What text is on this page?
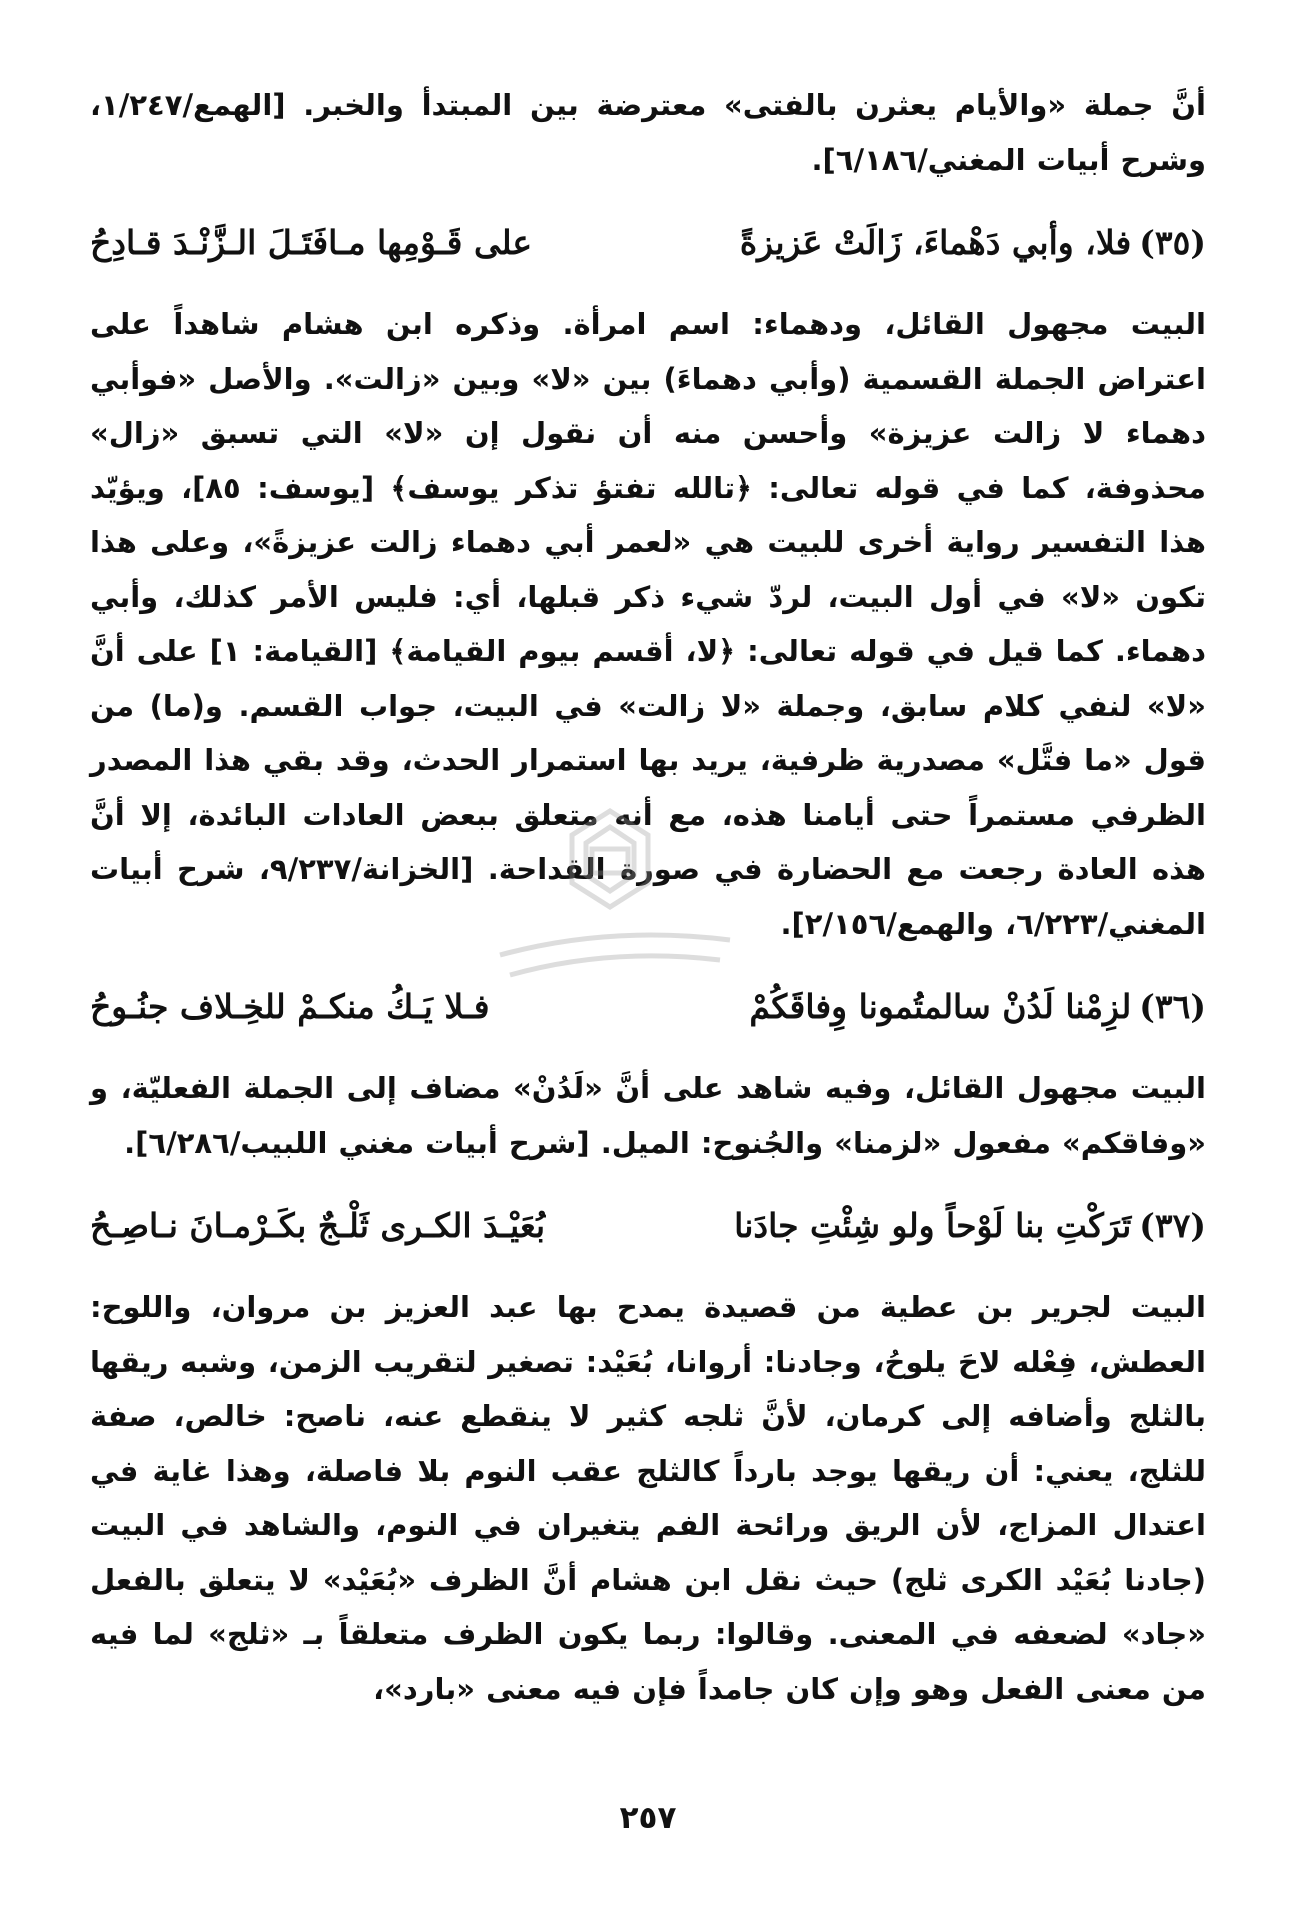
أنَّ جملة «والأيام يعثرن بالفتى» معترضة بين المبتدأ والخبر. [الهمع/١/٢٤٧، وشرح أبيات المغني/٦/١٨٦].

(٣٥)فلا، وأبي دَهْماءَ، زَالَتْ عَزيزةً
على قَـوْمِها مـافَتَـلَ الـزَّنْـدَ قـادِحُ

البيت مجهول القائل، ودهماء: اسم امرأة. وذكره ابن هشام شاهداً على اعتراض الجملة القسمية (وأبي دهماءَ) بين «لا» وبين «زالت». والأصل «فوأبي دهماء لا زالت عزيزة» وأحسن منه أن نقول إن «لا» التي تسبق «زال» محذوفة، كما في قوله تعالى: ﴿تالله تفتؤ تذكر يوسف﴾ [يوسف: ٨٥]، ويؤيّد هذا التفسير رواية أخرى للبيت هي «لعمر أبي دهماء زالت عزيزةً»، وعلى هذا تكون «لا» في أول البيت، لردّ شيء ذكر قبلها، أي: فليس الأمر كذلك، وأبي دهماء. كما قيل في قوله تعالى: ﴿لا، أقسم بيوم القيامة﴾ [القيامة: ١] على أنَّ «لا» لنفي كلام سابق، وجملة «لا زالت» في البيت، جواب القسم. و(ما) من قول «ما فتَّل» مصدرية ظرفية، يريد بها استمرار الحدث، وقد بقي هذا المصدر الظرفي مستمراً حتى أيامنا هذه، مع أنه متعلق ببعض العادات البائدة، إلا أنَّ هذه العادة رجعت مع الحضارة في صورة القداحة. [الخزانة/٩/٢٣٧، شرح أبيات المغني/٦/٢٢٣، والهمع/٢/١٥٦].

(٣٦)لزِمْنا لَدُنْ سالمتُمونا وِفاقَكُمْ
فـلا يَـكُ منكـمْ للخِـلاف جنُـوحُ

البيت مجهول القائل، وفيه شاهد على أنَّ «لَدُنْ» مضاف إلى الجملة الفعليّة، و «وفاقكم» مفعول «لزمنا» والجُنوح: الميل. [شرح أبيات مغني اللبيب/٦/٢٨٦].

(٣٧)تَرَكْتِ بنا لَوْحاً ولو شِئْتِ جادَنا
بُعَيْـدَ الكـرى ثَلْـجٌ بكَـرْمـانَ نـاصِـحُ

البيت لجرير بن عطية من قصيدة يمدح بها عبد العزيز بن مروان، واللوح: العطش، فِعْله لاحَ يلوحُ، وجادنا: أروانا، بُعَيْد: تصغير لتقريب الزمن، وشبه ريقها بالثلج وأضافه إلى كرمان، لأنَّ ثلجه كثير لا ينقطع عنه، ناصح: خالص، صفة للثلج، يعني: أن ريقها يوجد بارداً كالثلج عقب النوم بلا فاصلة، وهذا غاية في اعتدال المزاج، لأن الريق ورائحة الفم يتغيران في النوم، والشاهد في البيت (جادنا بُعَيْد الكرى ثلج) حيث نقل ابن هشام أنَّ الظرف «بُعَيْد» لا يتعلق بالفعل «جاد» لضعفه في المعنى. وقالوا: ربما يكون الظرف متعلقاً بـ «ثلج» لما فيه من معنى الفعل وهو وإن كان جامداً فإن فيه معنى «بارد»،

٢٥٧
